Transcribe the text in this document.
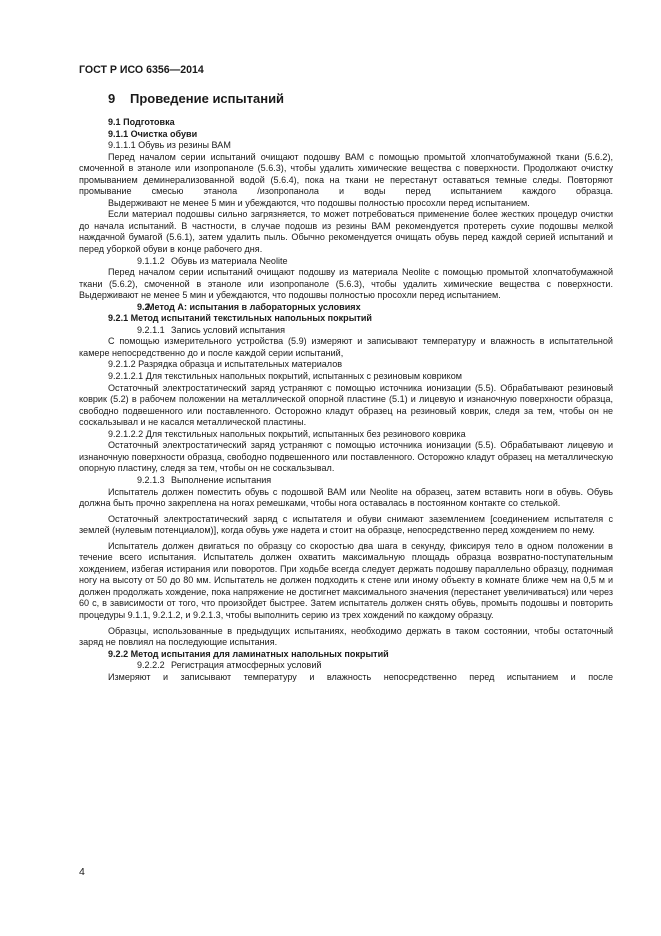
ГОСТ Р ИСО 6356—2014
9 Проведение испытаний

9.1 Подготовка

9.1.1 Очистка обуви

9.1.1.1 Обувь из резины ВАМ

Перед началом серии испытаний очищают подошву ВАМ с помощью промытой хлопчатобумажной ткани (5.6.2), смоченной в этаноле или изопропаноле (5.6.3), чтобы удалить химические вещества с поверхности. Продолжают очистку промыванием деминерализованной водой (5.6.4), пока на ткани не перестанут оставаться темные следы. Повторяют промывание смесью этанола /изопропанола и воды перед испытанием каждого образца.

Выдерживают не менее 5 мин и убеждаются, что подошвы полностью просохли перед испытанием.

Если материал подошвы сильно загрязняется, то может потребоваться применение более жестких процедур очистки до начала испытаний. В частности, в случае подошв из резины ВАМ рекомендуется протереть сухие подошвы мелкой наждачной бумагой (5.6.1), затем удалить пыль. Обычно рекомендуется очищать обувь перед каждой серией испытаний и перед уборкой обуви в конце рабочего дня.

9.1.1.2 Обувь из материала Neolite

Перед началом серии испытаний очищают подошву из материала Neolite с помощью промытой хлопчатобумажной ткани (5.6.2), смоченной в этаноле или изопропаноле (5.6.3), чтобы удалить химические вещества с поверхности. Выдерживают не менее 5 мин и убеждаются, что подошвы полностью просохли перед испытанием.

9.2Метод А: испытания в лабораторных условиях

9.2.1 Метод испытаний текстильных напольных покрытий

9.2.1.1 Запись условий испытания

С помощью измерительного устройства (5.9) измеряют и записывают температуру и влажность в испытательной камере непосредственно до и после каждой серии испытаний,

9.2.1.2 Разрядка образца и испытательных материалов

9.2.1.2.1 Для текстильных напольных покрытий, испытанных с резиновым ковриком

Остаточный электростатический заряд устраняют с помощью источника ионизации (5.5). Обрабатывают резиновый коврик (5.2) в рабочем положении на металлической опорной пластине (5.1) и лицевую и изнаночную поверхности образца, свободно подвешенного или поставленного. Осторожно кладут образец на резиновый коврик, следя за тем, чтобы он не соскальзывал и не касался металлической пластины.

9.2.1.2.2 Для текстильных напольных покрытий, испытанных без резинового коврика

Остаточный электростатический заряд устраняют с помощью источника ионизации (5.5). Обрабатывают лицевую и изнаночную поверхности образца, свободно подвешенного или поставленного. Осторожно кладут образец на металлическую опорную пластину, следя за тем, чтобы он не соскальзывал.

9.2.1.3 Выполнение испытания

Испытатель должен поместить обувь с подошвой ВАМ или Neolite на образец, затем вставить ноги в обувь. Обувь должна быть прочно закреплена на ногах ремешками, чтобы нога оставалась в постоянном контакте со стелькой.

Остаточный электростатический заряд с испытателя и обуви снимают заземлением [соединением испытателя с землей (нулевым потенциалом)], когда обувь уже надета и стоит на образце, непосредственно перед хождением по нему.

Испытатель должен двигаться по образцу со скоростью два шага в секунду, фиксируя тело в одном положении в течение всего испытания. Испытатель должен охватить максимальную площадь образца возвратно-поступательным хождением, избегая истирания или поворотов. При ходьбе всегда следует держать подошву параллельно образцу, поднимая ногу на высоту от 50 до 80 мм. Испытатель не должен подходить к стене или иному объекту в комнате ближе чем на 0,5 м и должен продолжать хождение, пока напряжение не достигнет максимального значения (перестанет увеличиваться) или через 60 с, в зависимости от того, что произойдет быстрее. Затем испытатель должен снять обувь, промыть подошвы и повторить процедуры 9.1.1, 9.2.1.2, и 9.2.1.3, чтобы выполнить серию из трех хождений по каждому образцу.

Образцы, использованные в предыдущих испытаниях, необходимо держать в таком состоянии, чтобы остаточный заряд не повлиял на последующие испытания.

9.2.2 Метод испытания для ламинатных напольных покрытий

9.2.2.2 Регистрация атмосферных условий

Измеряют и записывают температуру и влажность непосредственно перед испытанием и после

4
